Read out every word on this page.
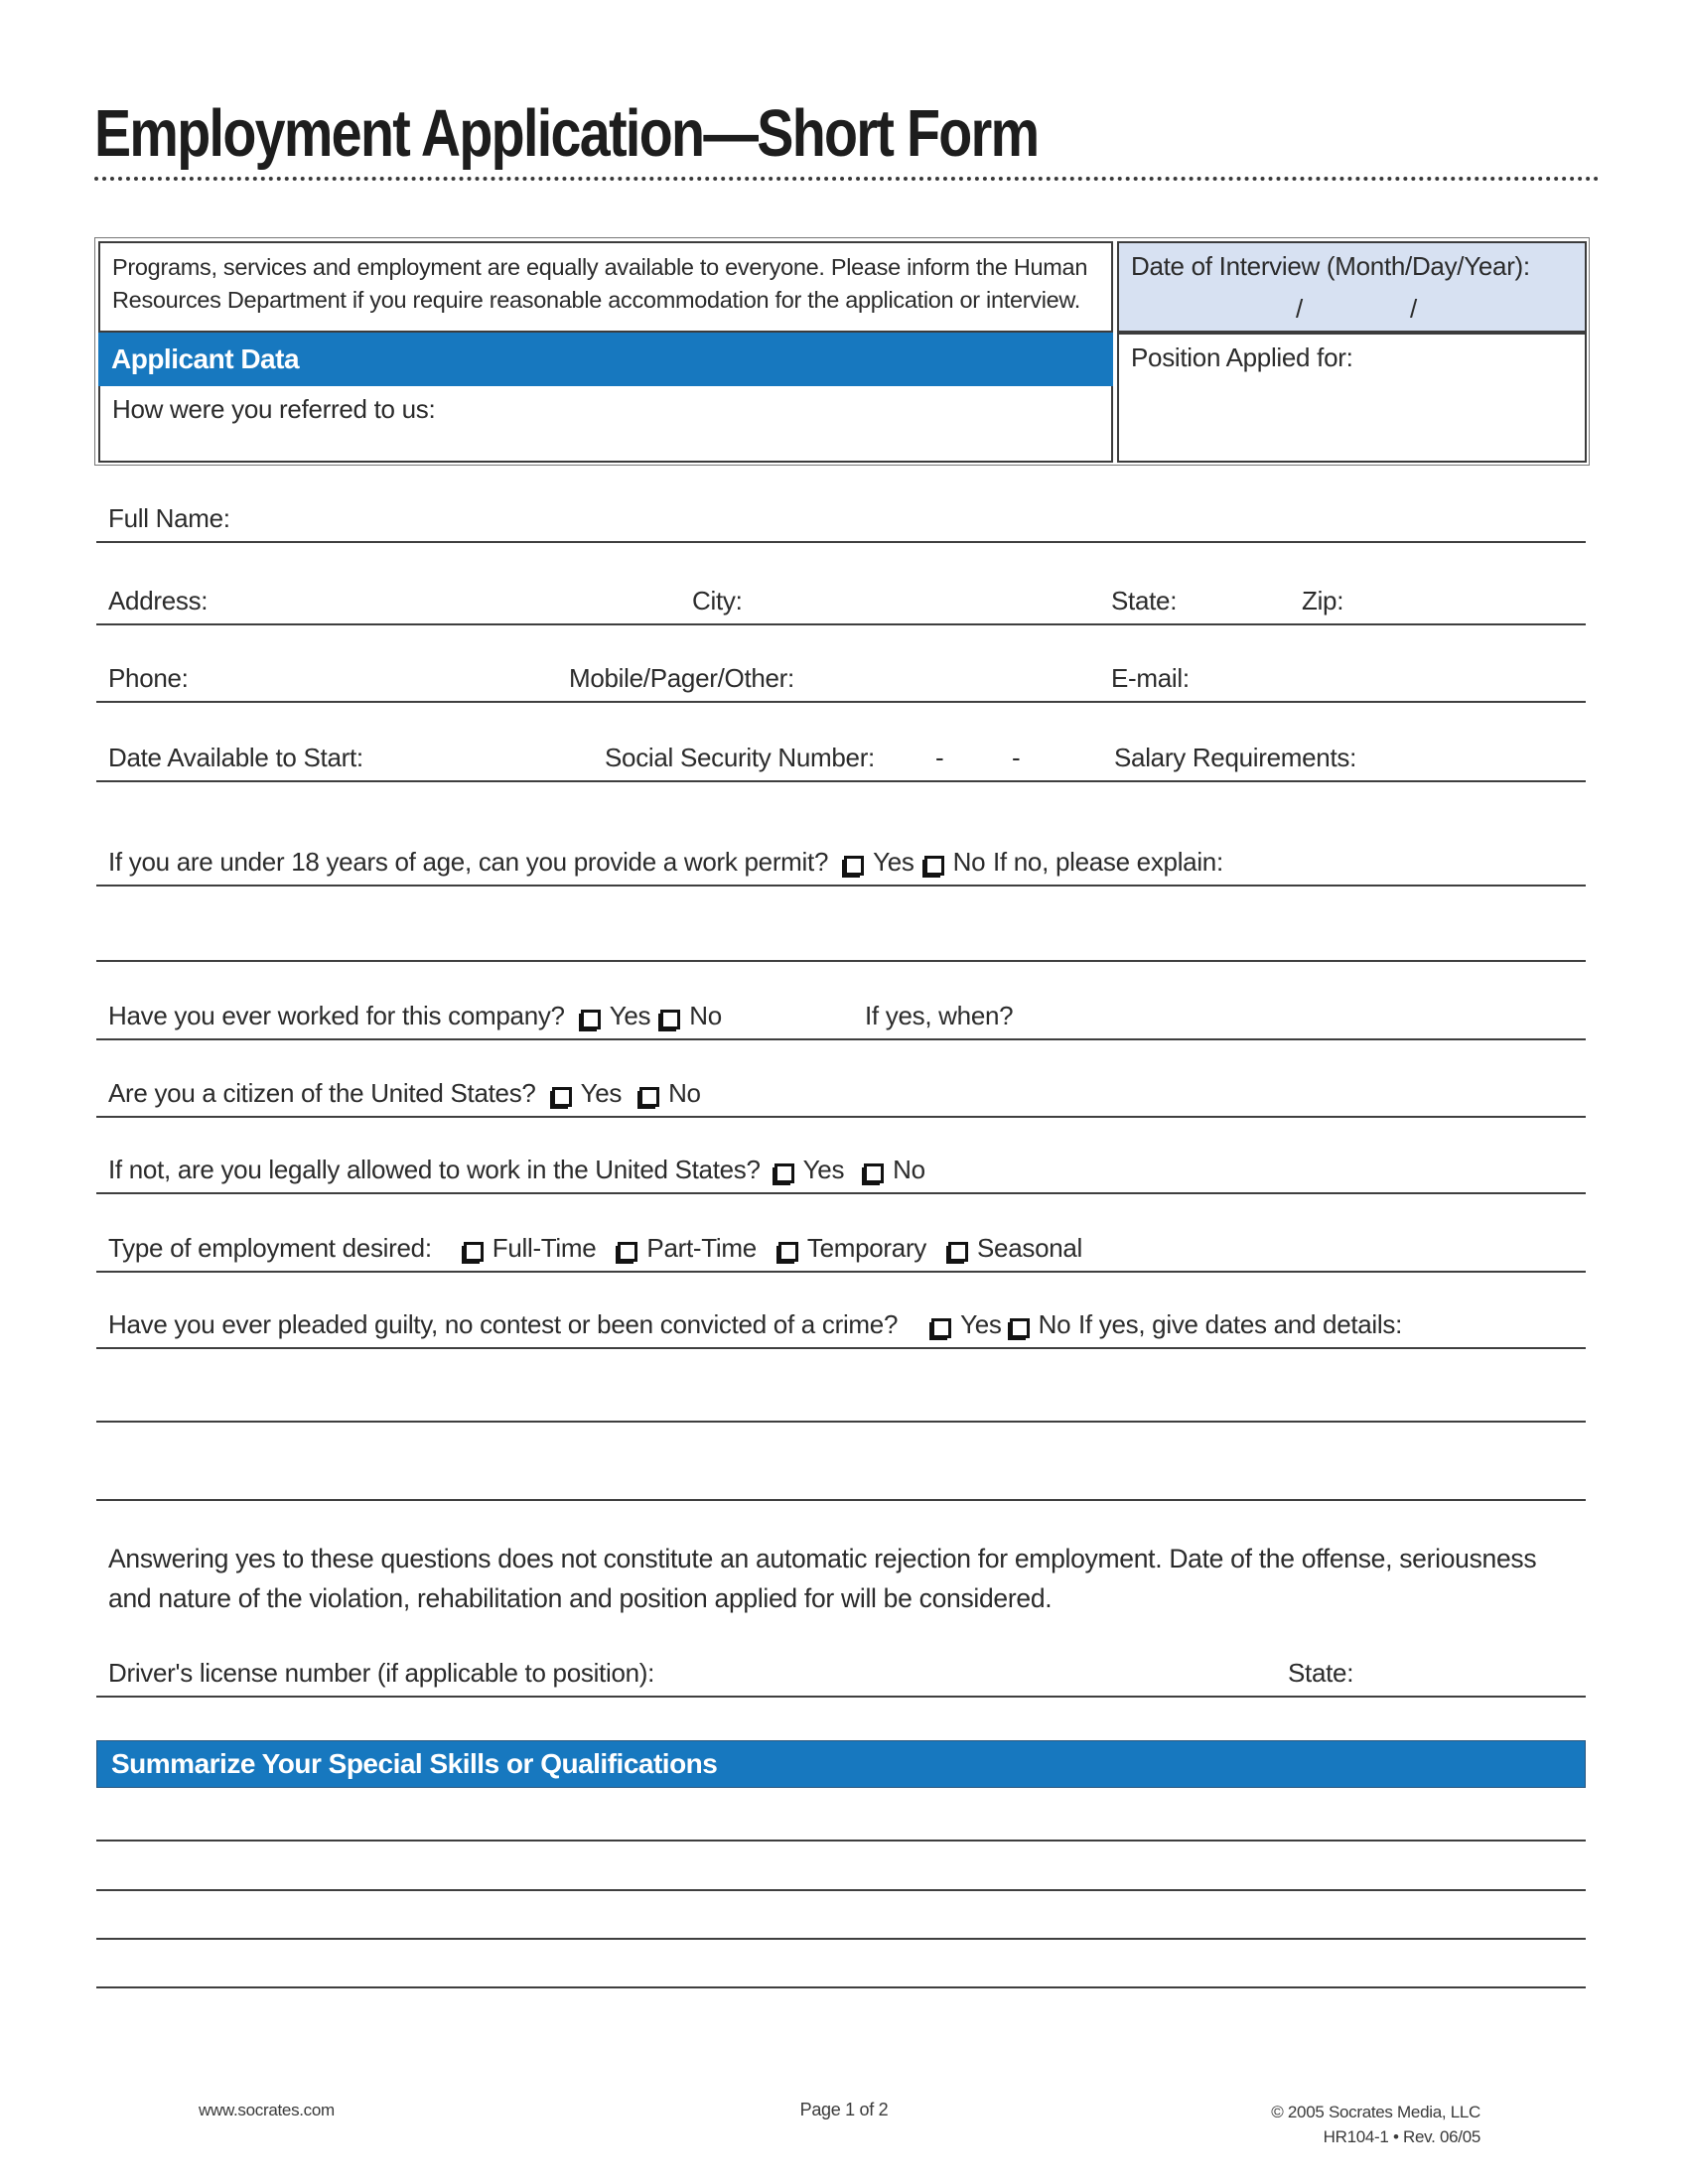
Employment Application—Short Form
Programs, services and employment are equally available to everyone. Please inform the Human Resources Department if you require reasonable accommodation for the application or interview.
Applicant Data
How were you referred to us:
Date of Interview (Month/Day/Year):
/	/
Position Applied for:
Full Name:
Address:	City:	State:	Zip:
Phone:	Mobile/Pager/Other:	E-mail:
Date Available to Start:	Social Security Number: -	-	Salary Requirements:
If you are under 18 years of age, can you provide a work permit? Yes No If no, please explain:
Have you ever worked for this company? Yes No	If yes, when?
Are you a citizen of the United States? Yes No
If not, are you legally allowed to work in the United States? Yes No
Type of employment desired: Full-Time Part-Time Temporary Seasonal
Have you ever pleaded guilty, no contest or been convicted of a crime? Yes No If yes, give dates and details:

Answering yes to these questions does not constitute an automatic rejection for employment. Date of the offense, seriousness and nature of the violation, rehabilitation and position applied for will be considered.

Driver's license number (if applicable to position):	State:
Summarize Your Special Skills or Qualifications
www.socrates.com	Page 1 of 2	© 2005 Socrates Media, LLC
HR104-1 • Rev. 06/05
